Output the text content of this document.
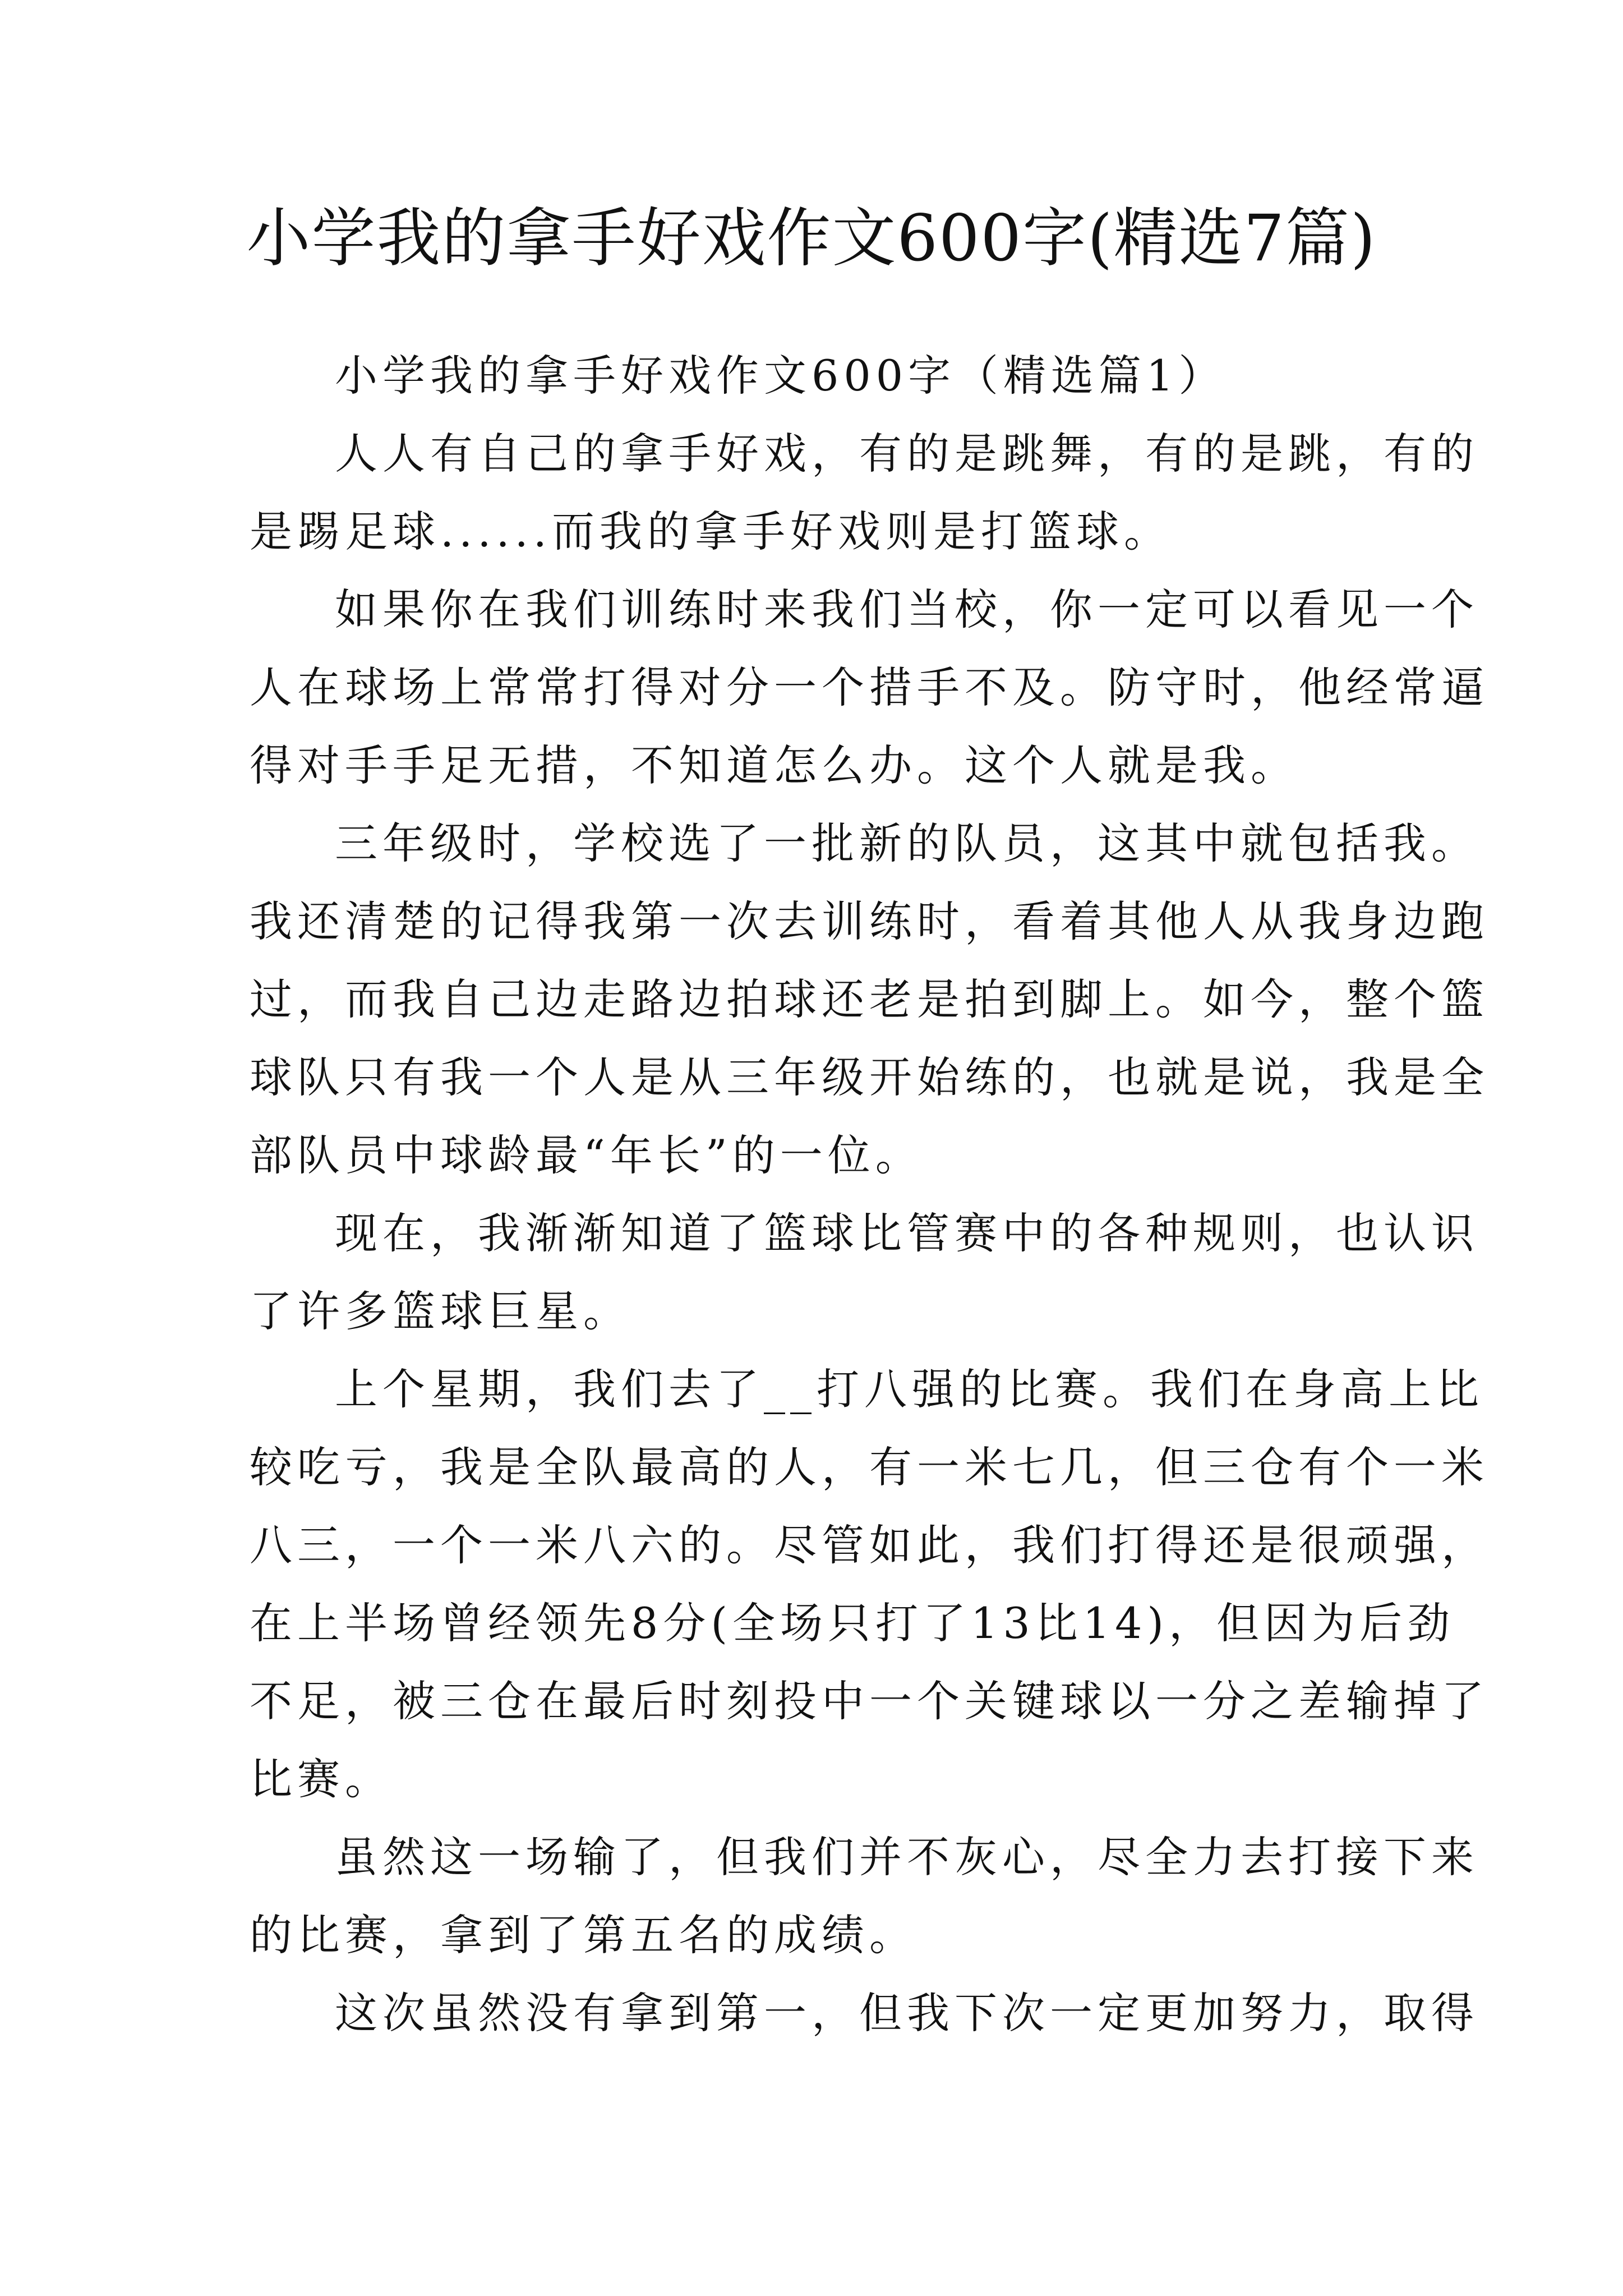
小学我的拿手好戏作文600字(精选7篇)
小学我的拿手好戏作文600字（精选篇1）
人人有自己的拿手好戏，有的是跳舞，有的是跳，有的
是踢足球......而我的拿手好戏则是打篮球。
如果你在我们训练时来我们当校，你一定可以看见一个
人在球场上常常打得对分一个措手不及。防守时，他经常逼
得对手手足无措，不知道怎么办。这个人就是我。
三年级时，学校选了一批新的队员，这其中就包括我。
我还清楚的记得我第一次去训练时，看着其他人从我身边跑
过，而我自己边走路边拍球还老是拍到脚上。如今，整个篮
球队只有我一个人是从三年级开始练的，也就是说，我是全
部队员中球龄最“年长”的一位。
现在，我渐渐知道了篮球比管赛中的各种规则，也认识
了许多篮球巨星。
上个星期，我们去了__打八强的比赛。我们在身高上比
较吃亏，我是全队最高的人，有一米七几，但三仓有个一米
八三，一个一米八六的。尽管如此，我们打得还是很顽强，
在上半场曾经领先8分(全场只打了13比14)，但因为后劲
不足，被三仓在最后时刻投中一个关键球以一分之差输掉了
比赛。
虽然这一场输了，但我们并不灰心，尽全力去打接下来
的比赛，拿到了第五名的成绩。
这次虽然没有拿到第一，但我下次一定更加努力，取得
